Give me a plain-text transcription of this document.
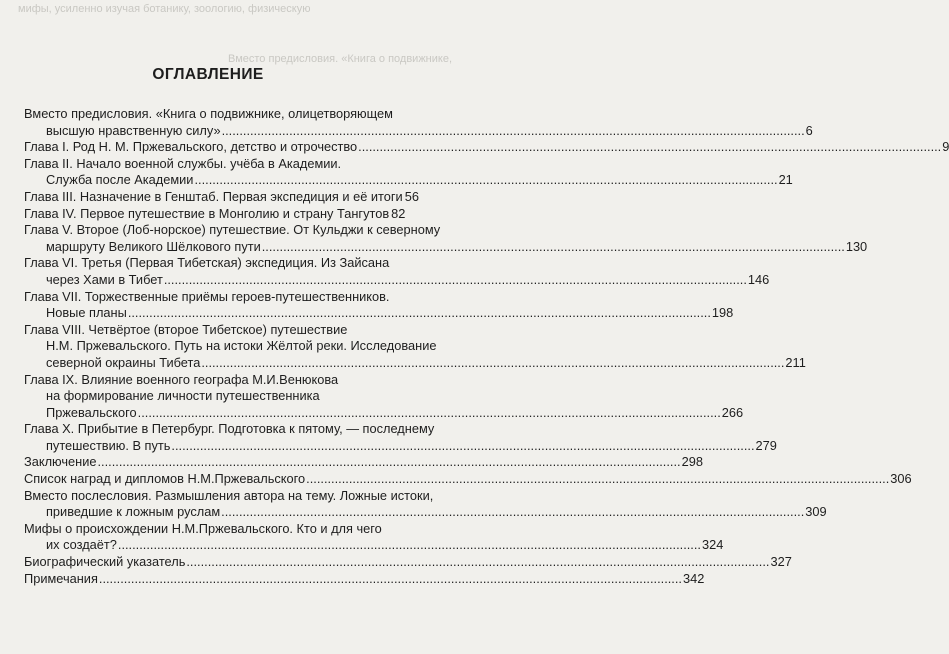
мифы, усиленно изучая ботанику, зоологию, физическую
Вместо предисловия. «Книга о подвижнике,
ОГЛАВЛЕНИЕ
Вместо предисловия. «Книга о подвижнике, олицетворяющем
высшую нравственную силу» .....	6
Глава I. Род Н. М. Пржевальского, детство и отрочество .....	9
Глава II. Начало военной службы. учёба в Академии.
Служба после Академии .....	21
Глава III. Назначение в Генштаб. Первая экспедиция и её итоги 56
Глава IV. Первое путешествие в Монголию и страну Тангутов 82
Глава V. Второе (Лоб-норское) путешествие. От Кульджи к северному
маршруту Великого Шёлкового пути .....	130
Глава VI. Третья (Первая Тибетская) экспедиция. Из Зайсана
через Хами в Тибет .....	146
Глава VII. Торжественные приёмы героев-путешественников.
Новые планы .....	198
Глава VIII. Четвёртое (второе Тибетское) путешествие
Н.М. Пржевальского. Путь на истоки Жёлтой реки. Исследование
северной окраины Тибета .....	211
Глава IX. Влияние военного географа М.И.Венюкова
на формирование личности путешественника
Пржевальского .....	266
Глава X. Прибытие в Петербург. Подготовка к пятому, — последнему
путешествию. В путь .....	279
Заключение .....	298
Список наград и дипломов Н.М.Пржевальского .....	306
Вместо послесловия. Размышления автора на тему. Ложные истоки,
приведшие к ложным руслам .....	309
Мифы о происхождении Н.М.Пржевальского. Кто и для чего
их создаёт? .....	324
Биографический указатель .....	327
Примечания .....	342
